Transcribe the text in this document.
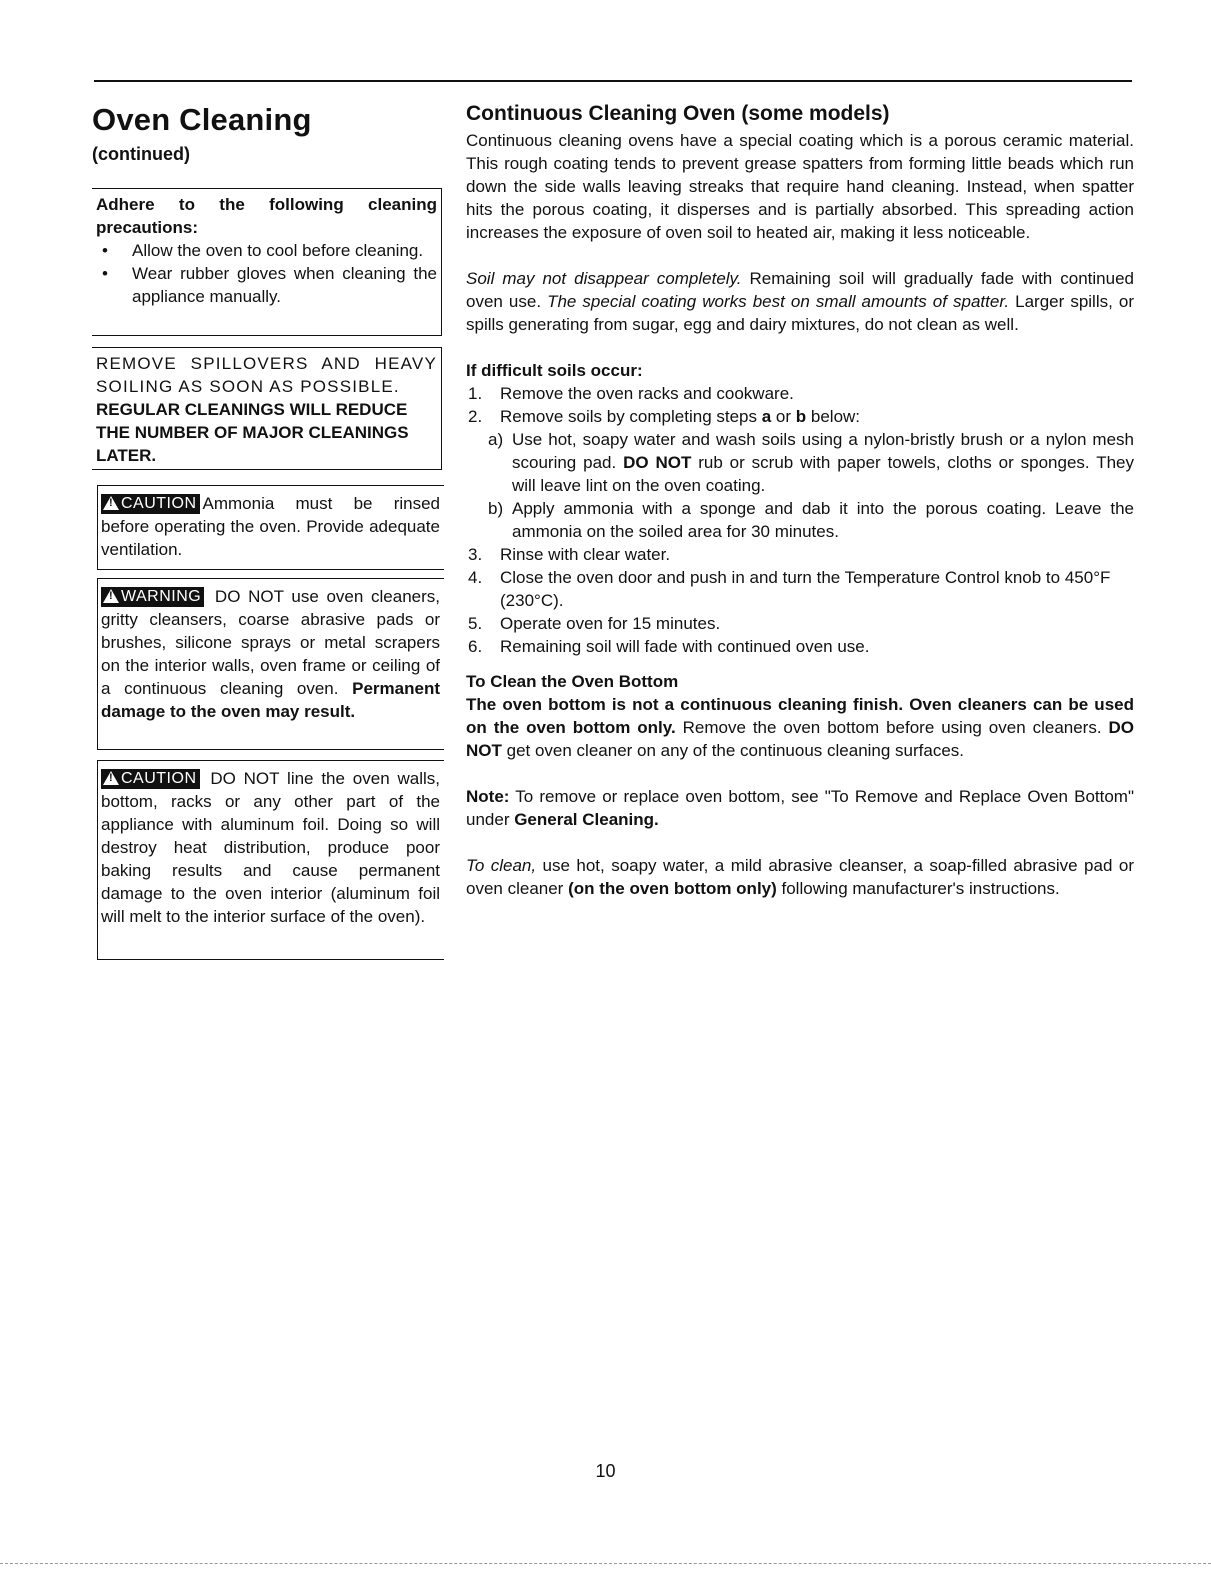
Oven Cleaning
(continued)
Adhere to the following cleaning precautions:
• Allow the oven to cool before cleaning.
• Wear rubber gloves when cleaning the appliance manually.
REMOVE SPILLOVERS AND HEAVY SOILING AS SOON AS POSSIBLE.
REGULAR CLEANINGS WILL REDUCE THE NUMBER OF MAJOR CLEANINGS LATER.
!CAUTION Ammonia must be rinsed before operating the oven. Provide adequate ventilation.
!WARNING DO NOT use oven cleaners, gritty cleansers, coarse abrasive pads or brushes, silicone sprays or metal scrapers on the interior walls, oven frame or ceiling of a continuous cleaning oven. Permanent damage to the oven may result.
!CAUTION DO NOT line the oven walls, bottom, racks or any other part of the appliance with aluminum foil. Doing so will destroy heat distribution, produce poor baking results and cause permanent damage to the oven interior (aluminum foil will melt to the interior surface of the oven).
Continuous Cleaning Oven (some models)

Continuous cleaning ovens have a special coating which is a porous ceramic material. This rough coating tends to prevent grease spatters from forming little beads which run down the side walls leaving streaks that require hand cleaning. Instead, when spatter hits the porous coating, it disperses and is partially absorbed. This spreading action increases the exposure of oven soil to heated air, making it less noticeable.

Soil may not disappear completely. Remaining soil will gradually fade with continued oven use. The special coating works best on small amounts of spatter. Larger spills, or spills generating from sugar, egg and dairy mixtures, do not clean as well.

If difficult soils occur:
1. Remove the oven racks and cookware.
2. Remove soils by completing steps a or b below:
a) Use hot, soapy water and wash soils using a nylon-bristly brush or a nylon mesh scouring pad. DO NOT rub or scrub with paper towels, cloths or sponges. They will leave lint on the oven coating.
b) Apply ammonia with a sponge and dab it into the porous coating. Leave the ammonia on the soiled area for 30 minutes.
3. Rinse with clear water.
4. Close the oven door and push in and turn the Temperature Control knob to 450°F (230°C).
5. Operate oven for 15 minutes.
6. Remaining soil will fade with continued oven use.
To Clean the Oven Bottom

The oven bottom is not a continuous cleaning finish. Oven cleaners can be used on the oven bottom only. Remove the oven bottom before using oven cleaners. DO NOT get oven cleaner on any of the continuous cleaning surfaces.

Note: To remove or replace oven bottom, see "To Remove and Replace Oven Bottom" under General Cleaning.

To clean, use hot, soapy water, a mild abrasive cleanser, a soap-filled abrasive pad or oven cleaner (on the oven bottom only) following manufacturer's instructions.

10
